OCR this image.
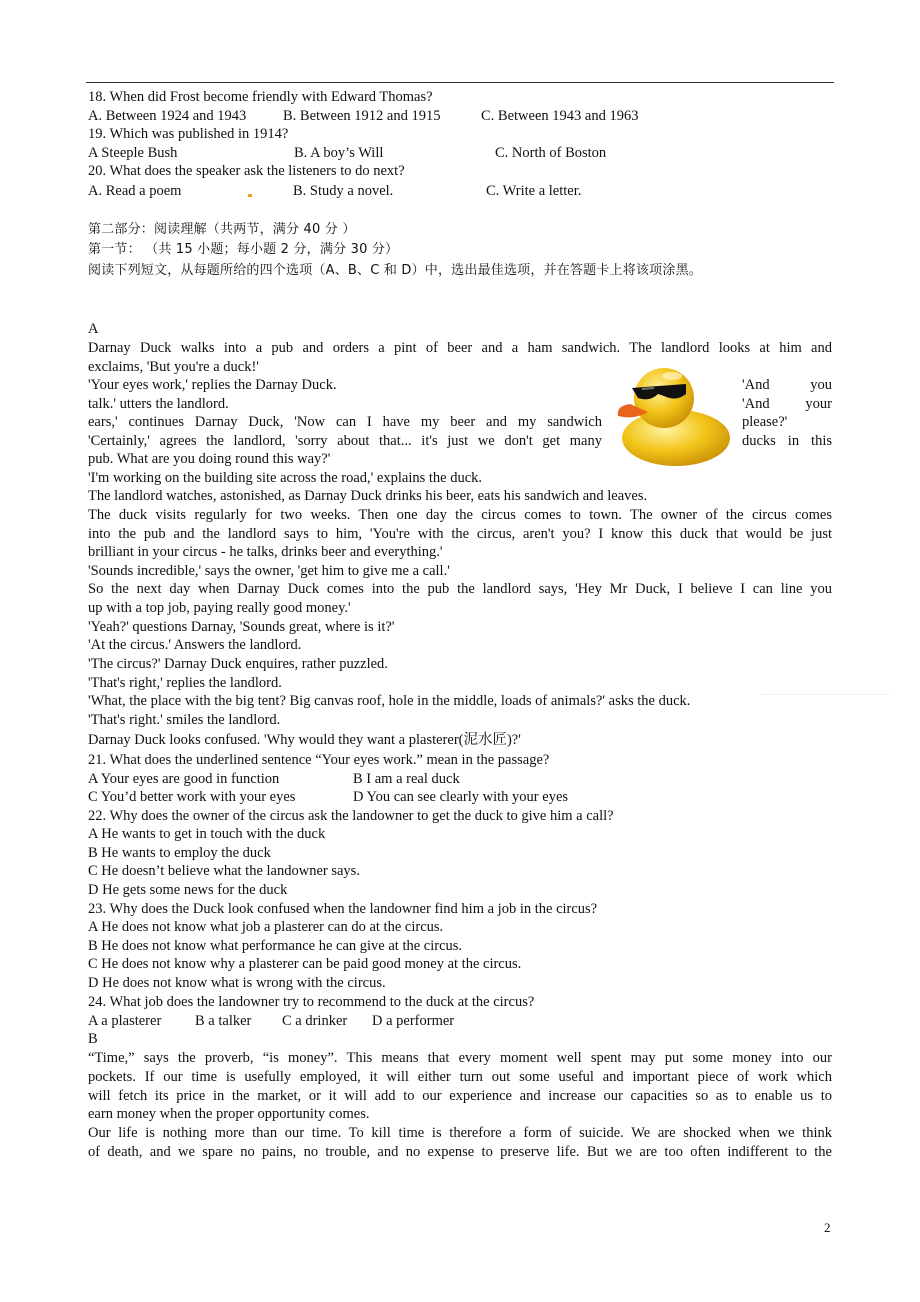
18. When did Frost become friendly with Edward Thomas?
A. Between 1924 and 1943	B. Between 1912 and 1915	C. Between 1943 and 1963
19. Which was published in 1914?
A Steeple Bush	B. A boy’s Will	C. North of Boston
20. What does the speaker ask the listeners to do next?
A. Read a poem	B. Study a novel.	C. Write a letter.
第二部分：阅读理解（共两节，满分 40 分 ）
第一节： （共 15 小题；每小题 2 分，满分 30 分）
阅读下列短文，从每题所给的四个选项（A、B、C 和 D）中，选出最佳选项，并在答题卡上将该项涂黑。
A
Darnay Duck walks into a pub and orders a pint of beer and a ham sandwich. The landlord looks at him and
exclaims, 'But you're a duck!'
'Your eyes work,' replies the Darnay Duck.	'And you
talk.' utters the landlord.	'And your
ears,' continues Darnay Duck, 'Now can I have my beer and my sandwich	please?'
'Certainly,' agrees the landlord, 'sorry about that... it's just we don't get many	ducks in this
pub. What are you doing round this way?'
'I'm working on the building site across the road,' explains the duck.
The landlord watches, astonished, as Darnay Duck drinks his beer, eats his sandwich and leaves.
The duck visits regularly for two weeks. Then one day the circus comes to town. The owner of the circus comes
into the pub and the landlord says to him, 'You're with the circus, aren't you? I know this duck that would be just
brilliant in your circus - he talks, drinks beer and everything.'
'Sounds incredible,' says the owner, 'get him to give me a call.'
So the next day when Darnay Duck comes into the pub the landlord says, 'Hey Mr Duck, I believe I can line you
up with a top job, paying really good money.'
'Yeah?' questions Darnay, 'Sounds great, where is it?'
'At the circus.' Answers the landlord.
'The circus?' Darnay Duck enquires, rather puzzled.
'That's right,' replies the landlord.
'What, the place with the big tent? Big canvas roof, hole in the middle, loads of animals?' asks the duck.
'That's right.' smiles the landlord.
Darnay Duck looks confused. 'Why would they want a plasterer(泥水匠)?'
21. What does the underlined sentence “Your eyes work.” mean in the passage?
A Your eyes are good in function	B I am a real duck
C You’d better work with your eyes	D You can see clearly with your eyes
22. Why does the owner of the circus ask the landowner to get the duck to give him a call?
A He wants to get in touch with the duck
B He wants to employ the duck
C He doesn’t believe what the landowner says.
D He gets some news for the duck
23. Why does the Duck look confused when the landowner find him a job in the circus?
A He does not know what job a plasterer can do at the circus.
B He does not know what performance he can give at the circus.
C He does not know why a plasterer can be paid good money at the circus.
D He does not know what is wrong with the circus.
24. What job does the landowner try to recommend to the duck at the circus?
A a plasterer B a talker C a drinker D a performer
B
“Time,” says the proverb, “is money”. This means that every moment well spent may put some money into our
pockets. If our time is usefully employed, it will either turn out some useful and important piece of work which
will fetch its price in the market, or it will add to our experience and increase our capacities so as to enable us to
earn money when the proper opportunity comes.
Our life is nothing more than our time. To kill time is therefore a form of suicide. We are shocked when we think
of death, and we spare no pains, no trouble, and no expense to preserve life. But we are too often indifferent to the
2
